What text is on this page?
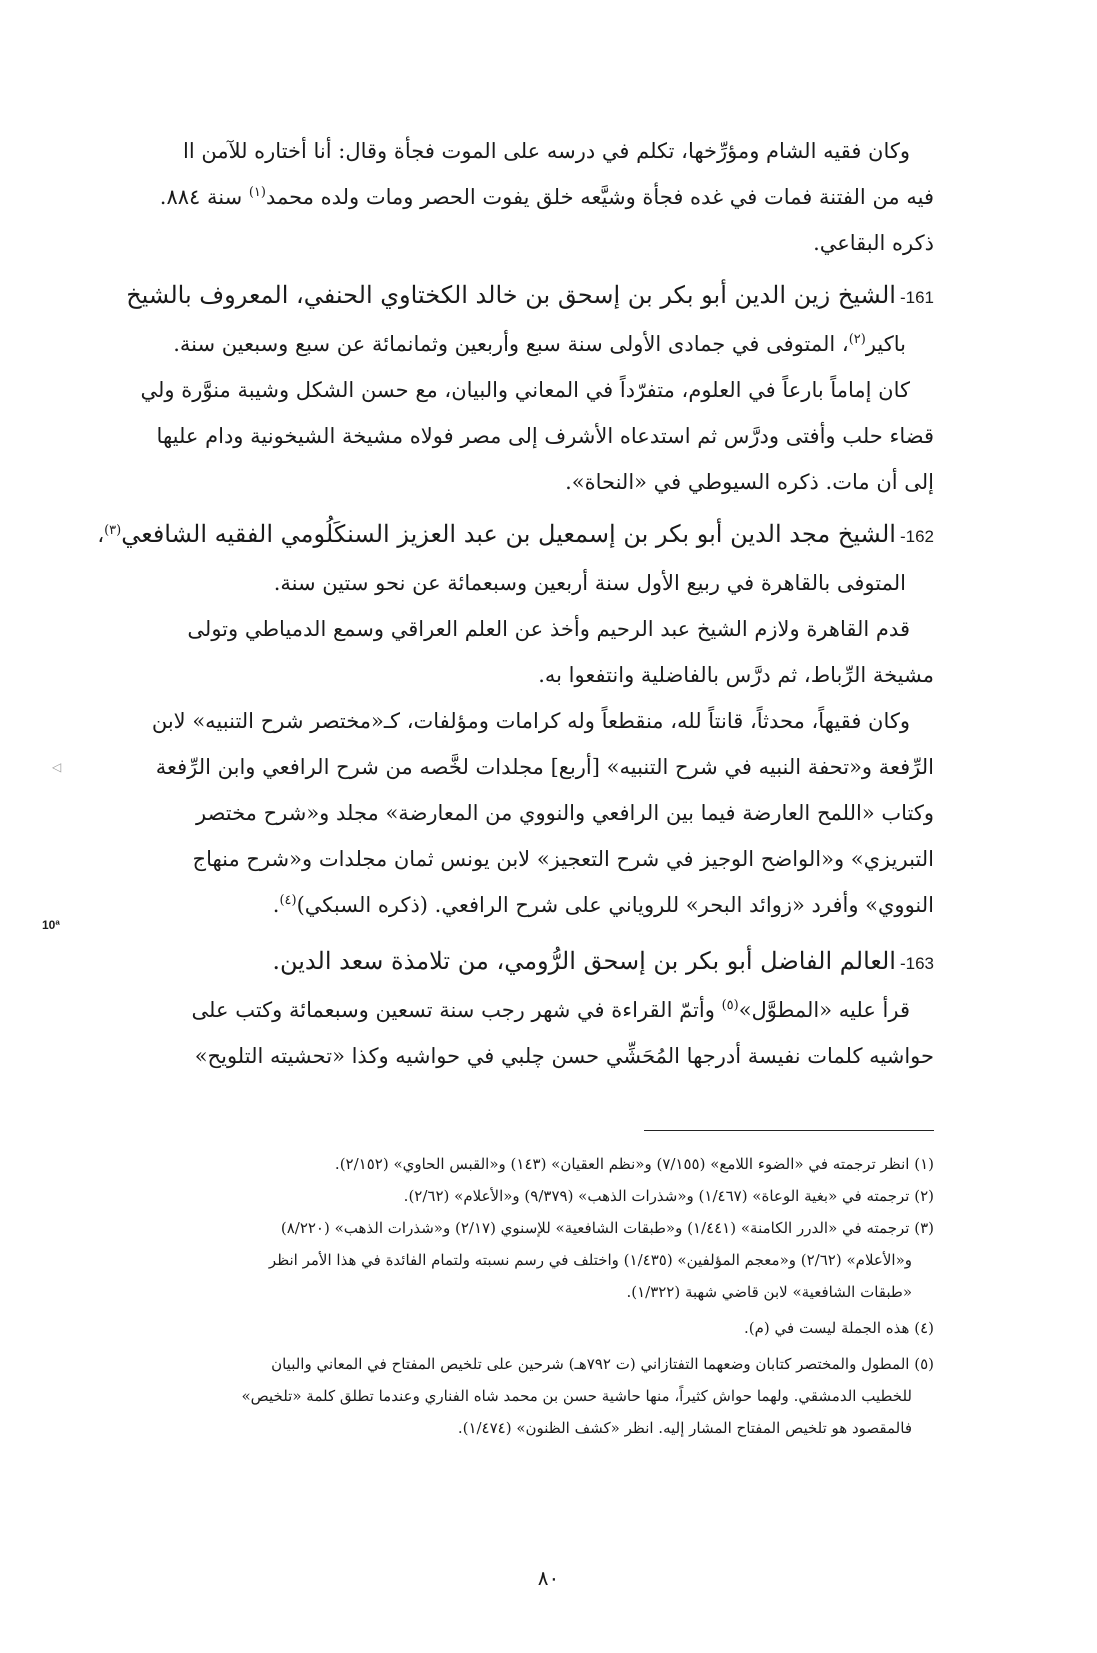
وكان فقيه الشام ومؤرِّخها، تكلم في درسه على الموت فجأة وقال: أنا أختاره للآمن اا

فيه من الفتنة فمات في غده فجأة وشيَّعه خلق يفوت الحصر ومات ولده محمد$^{(١)}$ سنة ٨٨٤.

ذكره البقاعي.

161-الشيخ زين الدين أبو بكر بن إسحق بن خالد الكختاوي الحنفي، المعروف بالشيخ

باكير$^{(٢)}$، المتوفى في جمادى الأولى سنة سبع وأربعين وثمانمائة عن سبع وسبعين سنة.

كان إماماً بارعاً في العلوم، متفرّداً في المعاني والبيان، مع حسن الشكل وشيبة منوَّرة ولي

قضاء حلب وأفتى ودرَّس ثم استدعاه الأشرف إلى مصر فولاه مشيخة الشيخونية ودام عليها

إلى أن مات. ذكره السيوطي في «النحاة».

162-الشيخ مجد الدين أبو بكر بن إسمعيل بن عبد العزيز السنكَلُومي الفقيه الشافعي$^{(٣)}$،

المتوفى بالقاهرة في ربيع الأول سنة أربعين وسبعمائة عن نحو ستين سنة.

قدم القاهرة ولازم الشيخ عبد الرحيم وأخذ عن العلم العراقي وسمع الدمياطي وتولى

مشيخة الرِّباط، ثم درَّس بالفاضلية وانتفعوا به.

وكان فقيهاً، محدثاً، قانتاً لله، منقطعاً وله كرامات ومؤلفات، كـ«مختصر شرح التنبيه» لابن

الرِّفعة و«تحفة النبيه في شرح التنبيه» [أربع] مجلدات لخَّصه من شرح الرافعي وابن الرِّفعة
◁

وكتاب «اللمح العارضة فيما بين الرافعي والنووي من المعارضة» مجلد و«شرح مختصر

التبريزي» و«الواضح الوجيز في شرح التعجيز» لابن يونس ثمان مجلدات و«شرح منهاج

النووي» وأفرد «زوائد البحر» للروياني على شرح الرافعي. (ذكره السبكي)$^{(٤)}$.
10ª

163-العالم الفاضل أبو بكر بن إسحق الرُّومي، من تلامذة سعد الدين.

قرأ عليه «المطوَّل»$^{(٥)}$ وأتمّ القراءة في شهر رجب سنة تسعين وسبعمائة وكتب على

حواشيه كلمات نفيسة أدرجها المُحَشِّي حسن چلبي في حواشيه وكذا «تحشيته التلويح»

(١) انظر ترجمته في «الضوء اللامع» (٧/١٥٥) و«نظم العقيان» (١٤٣) و«القبس الحاوي» (٢/١٥٢).

(٢) ترجمته في «بغية الوعاة» (١/٤٦٧) و«شذرات الذهب» (٩/٣٧٩) و«الأعلام» (٢/٦٢).

(٣) ترجمته في «الدرر الكامنة» (١/٤٤١) و«طبقات الشافعية» للإسنوي (٢/١٧) و«شذرات الذهب» (٨/٢٢٠)

و«الأعلام» (٢/٦٢) و«معجم المؤلفين» (١/٤٣٥) واختلف في رسم نسبته ولتمام الفائدة في هذا الأمر انظر

«طبقات الشافعية» لابن قاضي شهبة (١/٣٢٢).

(٤) هذه الجملة ليست في (م).

(٥) المطول والمختصر كتابان وضعهما التفتازاني (ت ٧٩٢هـ) شرحين على تلخيص المفتاح في المعاني والبيان

للخطيب الدمشقي. ولهما حواش كثيراً، منها حاشية حسن بن محمد شاه الفناري وعندما تطلق كلمة «تلخيص»

فالمقصود هو تلخيص المفتاح المشار إليه. انظر «كشف الظنون» (١/٤٧٤).

٨٠
